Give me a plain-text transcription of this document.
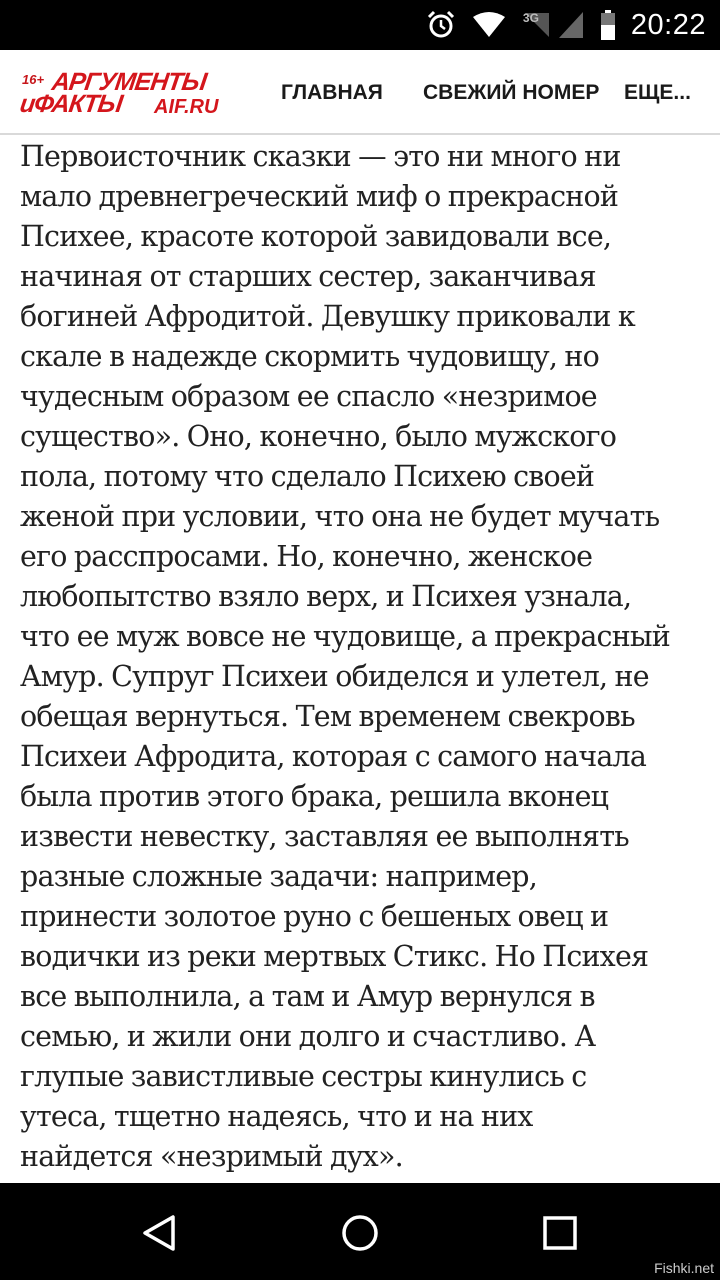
3G	20:22
16+ АРГУМЕНТЫ
иФАКТЫ AIF.RU
ГЛАВНАЯ СВЕЖИЙ НОМЕР ЕЩЕ...
Первоисточник сказки — это ни много ни
мало древнегреческий миф о прекрасной
Психее, красоте которой завидовали все,
начиная от старших сестер, заканчивая
богиней Афродитой. Девушку приковали к
скале в надежде скормить чудовищу, но
чудесным образом ее спасло «незримое
существо». Оно, конечно, было мужского
пола, потому что сделало Психею своей
женой при условии, что она не будет мучать
его расспросами. Но, конечно, женское
любопытство взяло верх, и Психея узнала,
что ее муж вовсе не чудовище, а прекрасный
Амур. Супруг Психеи обиделся и улетел, не
обещая вернуться. Тем временем свекровь
Психеи Афродита, которая с самого начала
была против этого брака, решила вконец
извести невестку, заставляя ее выполнять
разные сложные задачи: например,
принести золотое руно с бешеных овец и
водички из реки мертвых Стикс. Но Психея
все выполнила, а там и Амур вернулся в
семью, и жили они долго и счастливо. А
глупые завистливые сестры кинулись с
утеса, тщетно надеясь, что и на них
найдется «незримый дух».
Fishki.net
